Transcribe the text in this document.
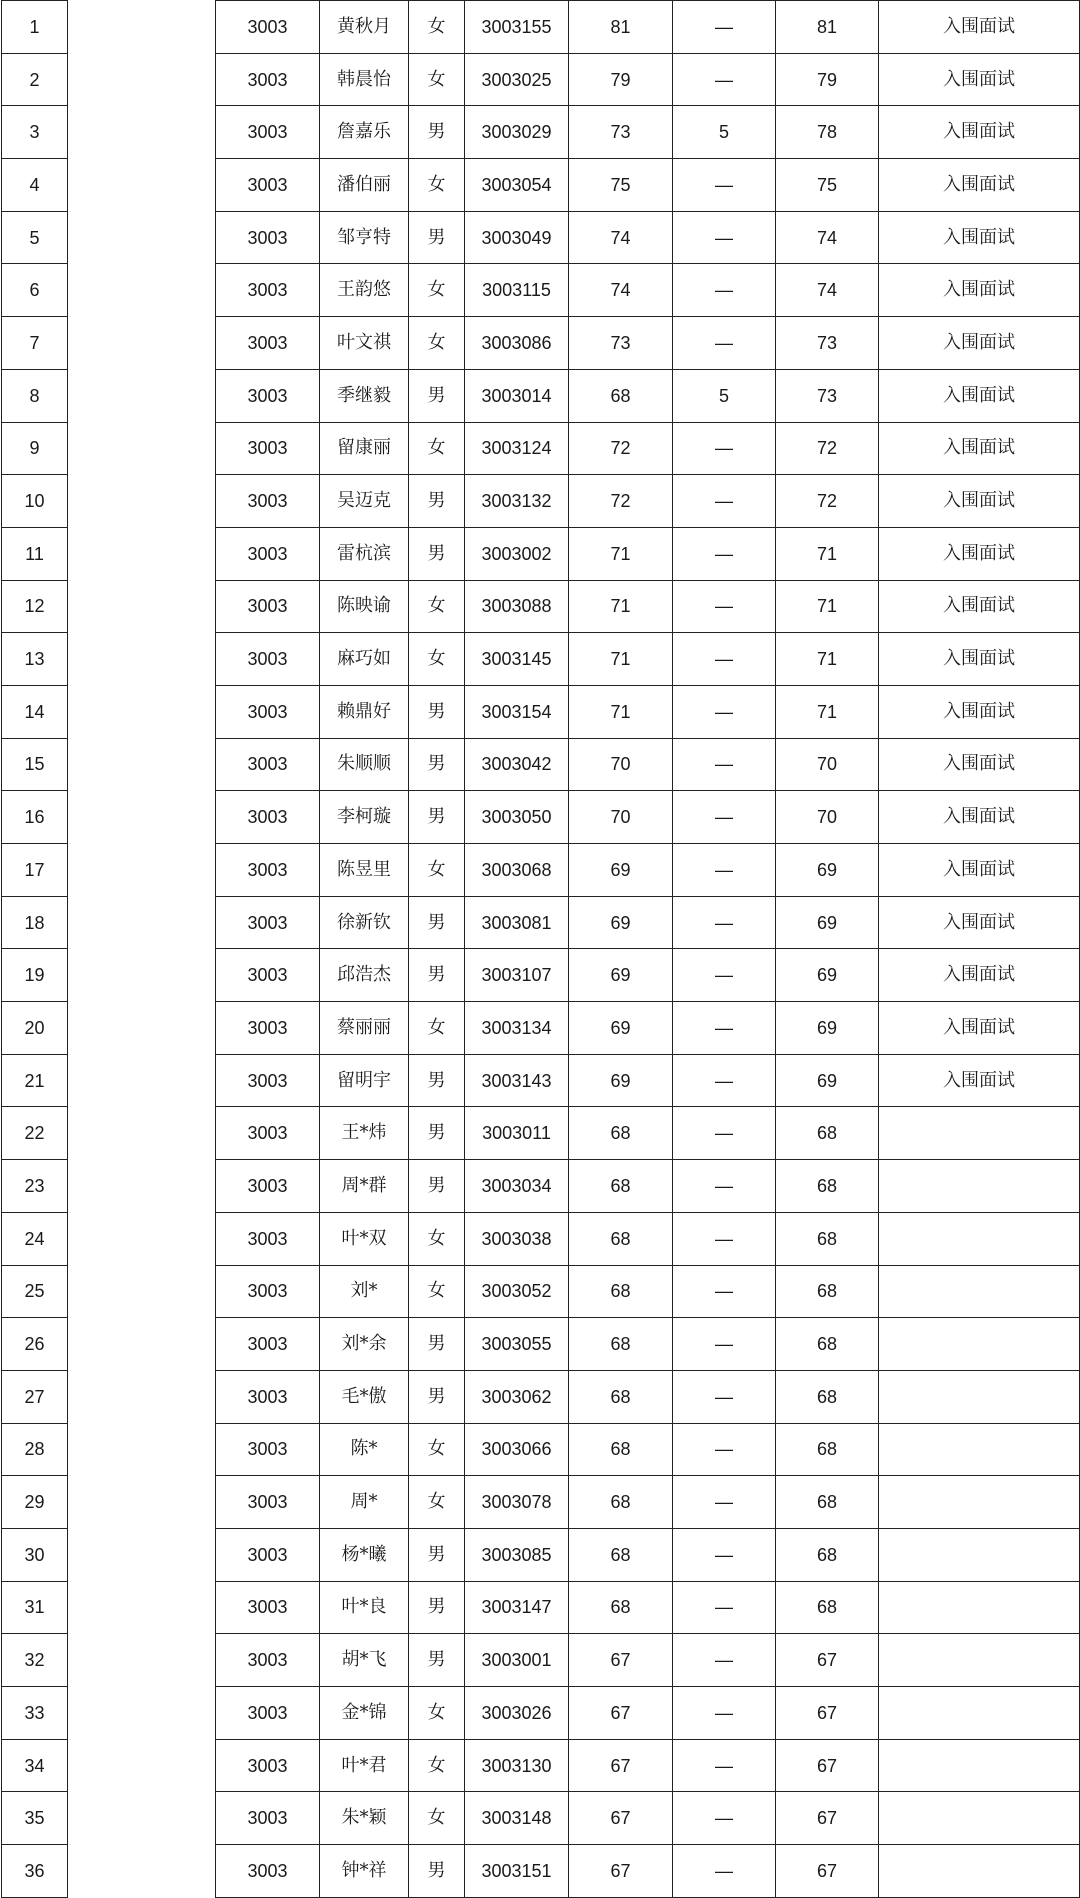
1		3003	黄秋月	女	3003155	81	—	81	入围面试
2		3003	韩晨怡	女	3003025	79	—	79	入围面试
3		3003	詹嘉乐	男	3003029	73	5	78	入围面试
4		3003	潘伯丽	女	3003054	75	—	75	入围面试
5		3003	邹亨特	男	3003049	74	—	74	入围面试
6		3003	王韵悠	女	3003115	74	—	74	入围面试
7		3003	叶文祺	女	3003086	73	—	73	入围面试
8		3003	季继毅	男	3003014	68	5	73	入围面试
9		3003	留康丽	女	3003124	72	—	72	入围面试
10		3003	吴迈克	男	3003132	72	—	72	入围面试
11		3003	雷杭滨	男	3003002	71	—	71	入围面试
12		3003	陈映谕	女	3003088	71	—	71	入围面试
13		3003	麻巧如	女	3003145	71	—	71	入围面试
14		3003	赖鼎好	男	3003154	71	—	71	入围面试
15		3003	朱顺顺	男	3003042	70	—	70	入围面试
16		3003	李柯璇	男	3003050	70	—	70	入围面试
17		3003	陈昱里	女	3003068	69	—	69	入围面试
18		3003	徐新钦	男	3003081	69	—	69	入围面试
19		3003	邱浩杰	男	3003107	69	—	69	入围面试
20		3003	蔡丽丽	女	3003134	69	—	69	入围面试
21		3003	留明宇	男	3003143	69	—	69	入围面试
22		3003	王*炜	男	3003011	68	—	68	
23		3003	周*群	男	3003034	68	—	68	
24		3003	叶*双	女	3003038	68	—	68	
25		3003	刘*	女	3003052	68	—	68	
26		3003	刘*余	男	3003055	68	—	68	
27		3003	毛*傲	男	3003062	68	—	68	
28		3003	陈*	女	3003066	68	—	68	
29		3003	周*	女	3003078	68	—	68	
30		3003	杨*曦	男	3003085	68	—	68	
31		3003	叶*良	男	3003147	68	—	68	
32		3003	胡*飞	男	3003001	67	—	67	
33		3003	金*锦	女	3003026	67	—	67	
34		3003	叶*君	女	3003130	67	—	67	
35		3003	朱*颖	女	3003148	67	—	67	
36		3003	钟*祥	男	3003151	67	—	67	
